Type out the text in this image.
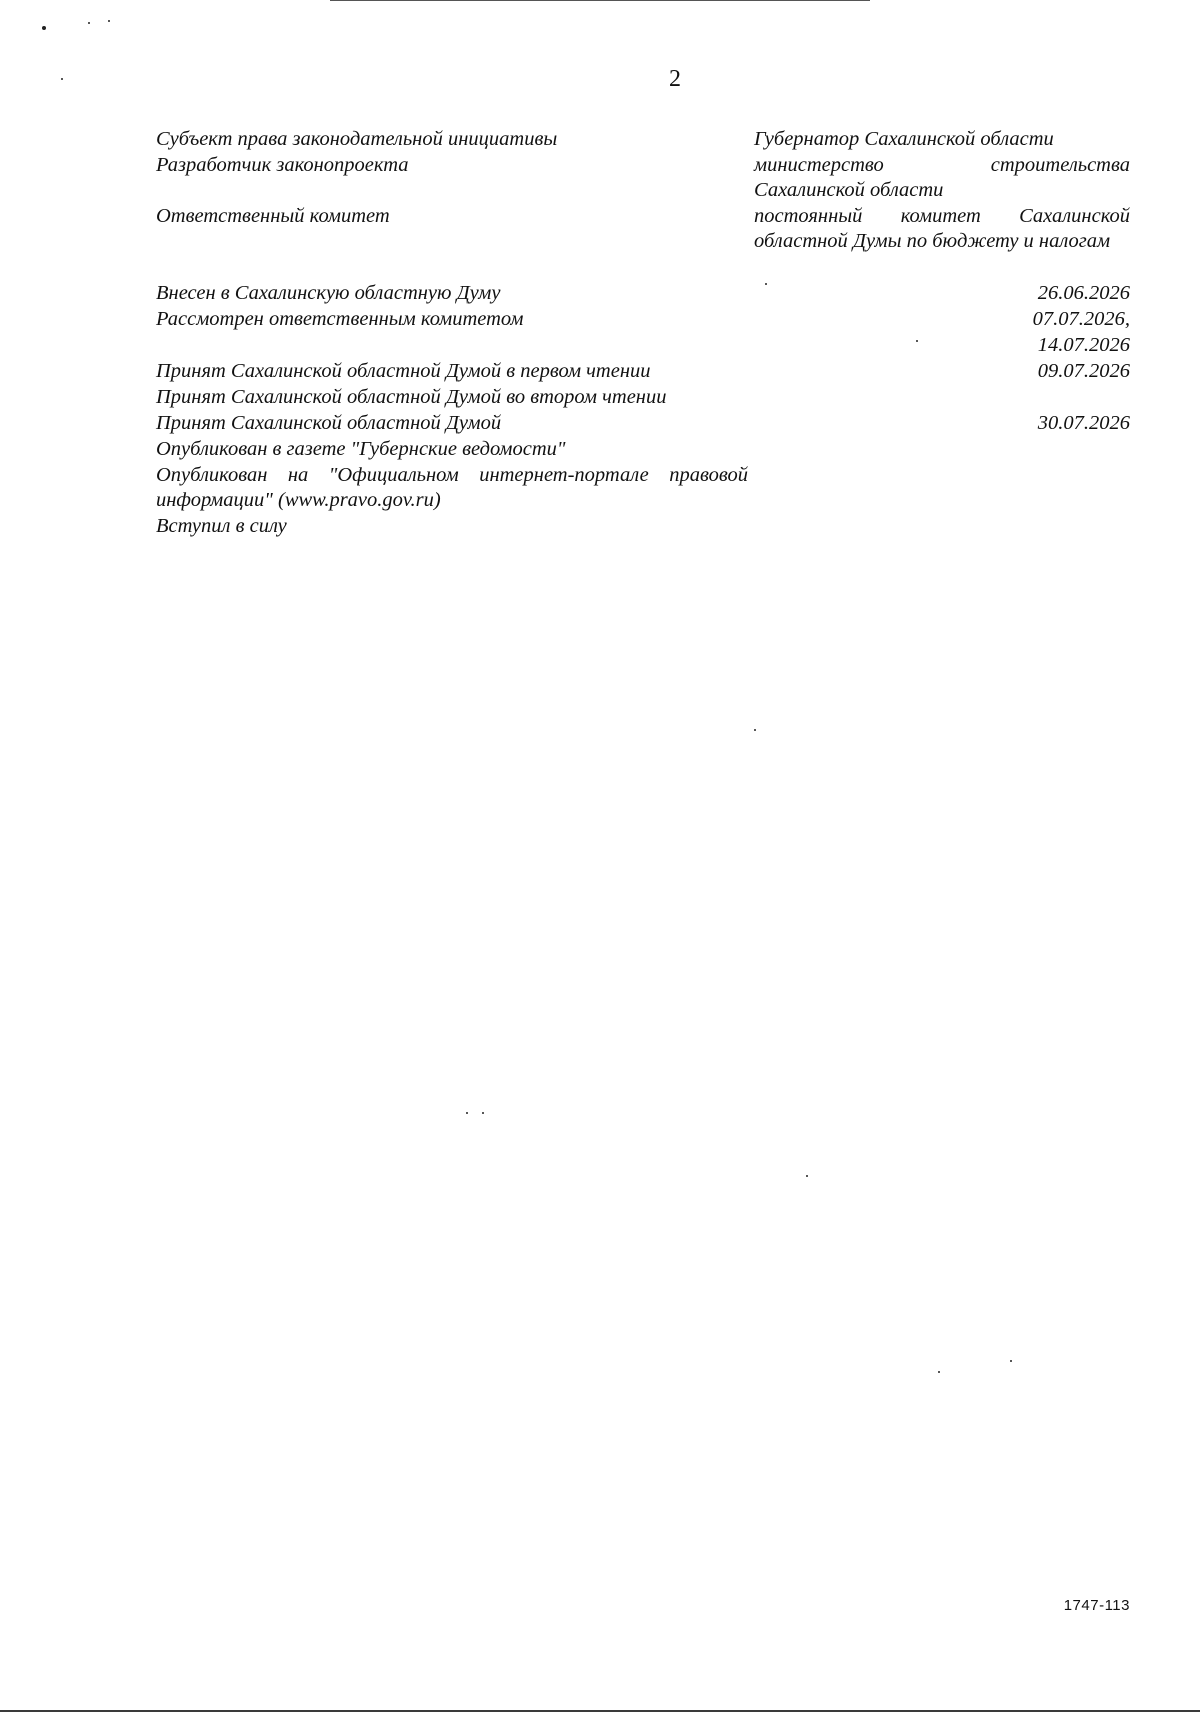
2
Субъект права законодательной инициативы	Губернатор Сахалинской области
Разработчик законопроекта	министерство строительства Сахалинской области
Ответственный комитет	постоянный комитет Сахалинской областной Думы по бюджету и налогам
Внесен в Сахалинскую областную Думу	26.06.2026
Рассмотрен ответственным комитетом	07.07.2026,
14.07.2026
Принят Сахалинской областной Думой в первом чтении	09.07.2026
Принят Сахалинской областной Думой во втором чтении
Принят Сахалинской областной Думой	30.07.2026
Опубликован в газете "Губернские ведомости"
Опубликован на "Официальном интернет-портале правовой информации" (www.pravo.gov.ru)
Вступил в силу
1747-113
